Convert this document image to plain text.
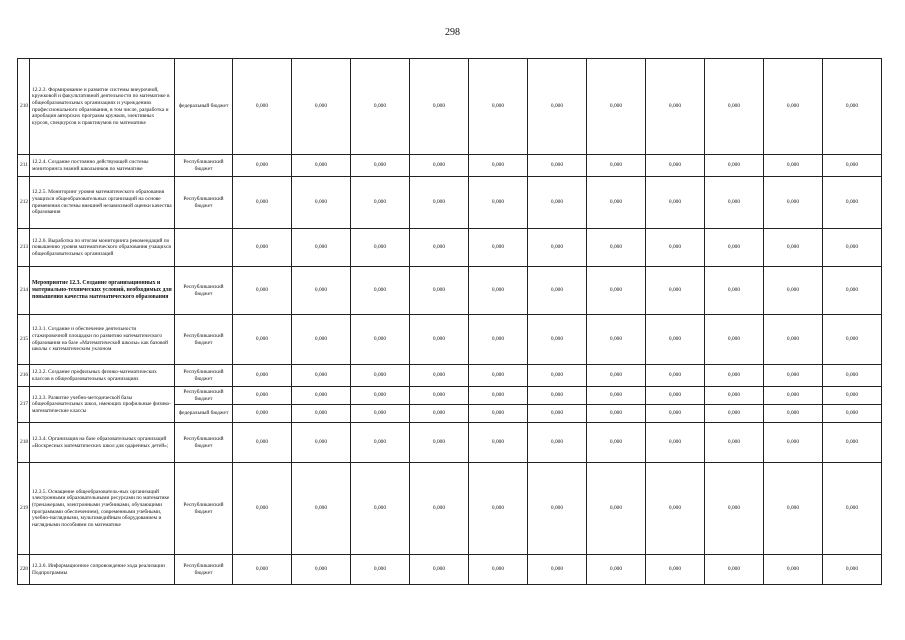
298
210	12.2.3. Формирование и развитие системы внеурочной, кружковой и факультативной деятельности по математике в общеобразовательных организациях и учреждениях профессионального образования, в том числе, разработка и апробация авторских программ кружков, элективных курсов, спецкурсов и практикумов по математике	федеральный бюджет	0,000	0,000	0,000	0,000	0,000	0,000	0,000	0,000	0,000	0,000	0,000
211	12.2.4. Создание постоянно действующей системы мониторинга знаний школьников по математике	Республиканский бюджет	0,000	0,000	0,000	0,000	0,000	0,000	0,000	0,000	0,000	0,000	0,000
212	12.2.5. Мониторинг уровня математического образования учащихся общеобразовательных организаций на основе применения системы внешней независимой оценки качества образования	Республиканский бюджет	0,000	0,000	0,000	0,000	0,000	0,000	0,000	0,000	0,000	0,000	0,000
213	12.2.6. Выработка по итогам мониторинга рекомендаций по повышению уровня математического образования учащихся общеобразовательных организаций		0,000	0,000	0,000	0,000	0,000	0,000	0,000	0,000	0,000	0,000	0,000
214	Мероприятие 12.3. Создание организационных и материально-технических условий, необходимых для повышения качества математического образования	Республиканский бюджет	0,000	0,000	0,000	0,000	0,000	0,000	0,000	0,000	0,000	0,000	0,000
215	12.3.1. Создание и обеспечение деятельности стажировочной площадки по развитию математического образования на базе «Математической школы» как базовой школы с математическим уклоном	Республиканский бюджет	0,000	0,000	0,000	0,000	0,000	0,000	0,000	0,000	0,000	0,000	0,000
216	12.3.2. Создание профильных физико-математических классов в общеобразовательных организациях	Республиканский бюджет	0,000	0,000	0,000	0,000	0,000	0,000	0,000	0,000	0,000	0,000	0,000
217	12.3.3. Развитие учебно-методической базы общеобразовательных школ, имеющих профильные физико-математические классы	Республиканский бюджет	0,000	0,000	0,000	0,000	0,000	0,000	0,000	0,000	0,000	0,000	0,000
		федеральный бюджет	0,000	0,000	0,000	0,000	0,000	0,000	0,000	0,000	0,000	0,000	0,000
218	12.3.4. Организация на базе образовательных организаций «Воскресных математических школ для одаренных детей»;	Республиканский бюджет	0,000	0,000	0,000	0,000	0,000	0,000	0,000	0,000	0,000	0,000	0,000
219	12.3.5. Оснащение общеобразователь-ных организаций электронными образовательными ресурсами по математике (тренажерами, электронными учебниками, обучающими программами обеспечением), современными учебными, учебно-наглядными, мультимедийным оборудованием и наглядными пособиями по математике	Республиканский бюджет	0,000	0,000	0,000	0,000	0,000	0,000	0,000	0,000	0,000	0,000	0,000
220	12.3.6. Информационное сопровождение хода реализации Подпрограммы	Республиканский бюджет	0,000	0,000	0,000	0,000	0,000	0,000	0,000	0,000	0,000	0,000	0,000
